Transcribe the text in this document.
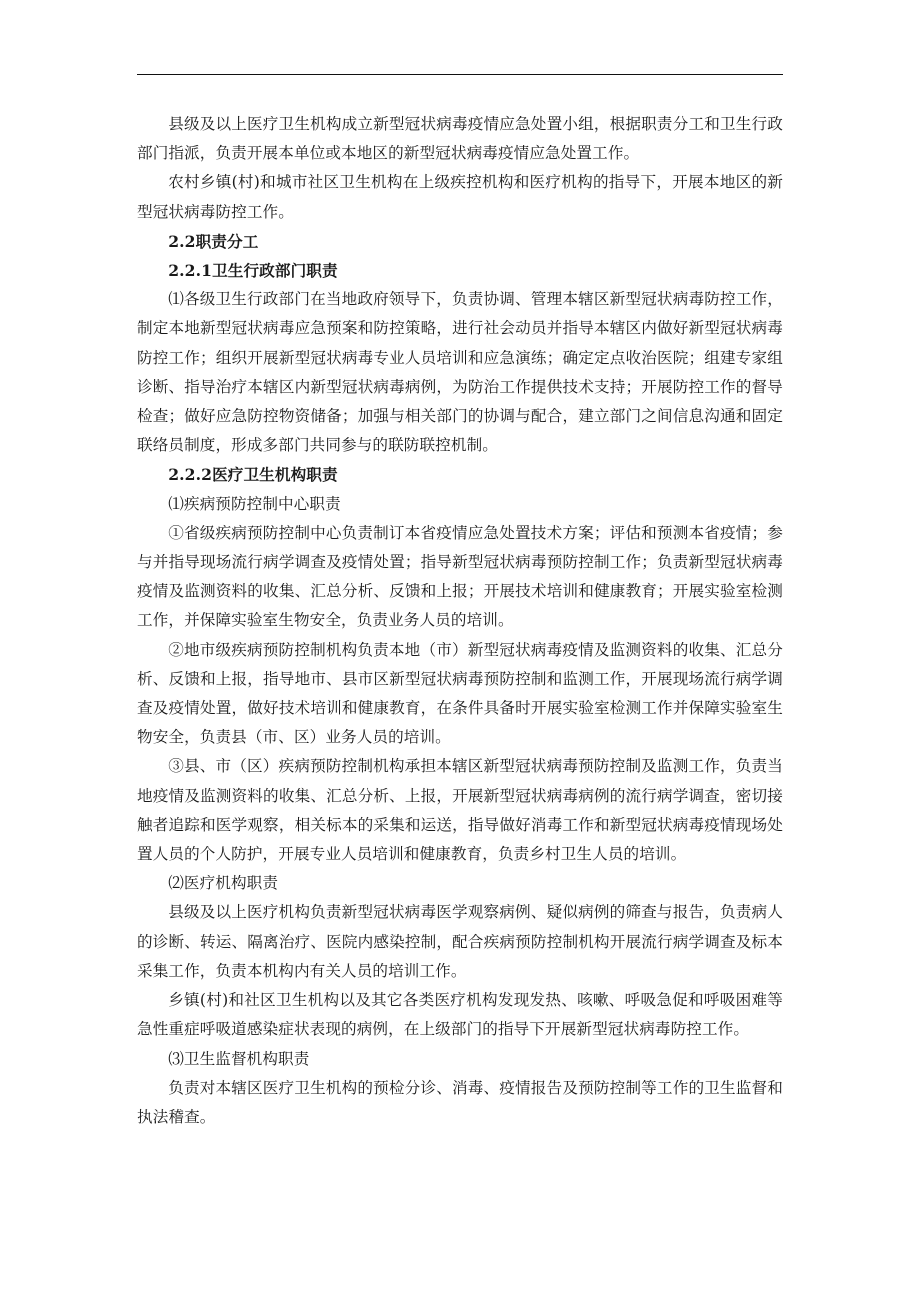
县级及以上医疗卫生机构成立新型冠状病毒疫情应急处置小组，根据职责分工和卫生行政部门指派，负责开展本单位或本地区的新型冠状病毒疫情应急处置工作。

农村乡镇(村)和城市社区卫生机构在上级疾控机构和医疗机构的指导下，开展本地区的新型冠状病毒防控工作。

2.2职责分工

2.2.1卫生行政部门职责

⑴各级卫生行政部门在当地政府领导下，负责协调、管理本辖区新型冠状病毒防控工作，制定本地新型冠状病毒应急预案和防控策略，进行社会动员并指导本辖区内做好新型冠状病毒防控工作；组织开展新型冠状病毒专业人员培训和应急演练；确定定点收治医院；组建专家组诊断、指导治疗本辖区内新型冠状病毒病例，为防治工作提供技术支持；开展防控工作的督导检查；做好应急防控物资储备；加强与相关部门的协调与配合，建立部门之间信息沟通和固定联络员制度，形成多部门共同参与的联防联控机制。

2.2.2医疗卫生机构职责

⑴疾病预防控制中心职责

①省级疾病预防控制中心负责制订本省疫情应急处置技术方案；评估和预测本省疫情；参与并指导现场流行病学调查及疫情处置；指导新型冠状病毒预防控制工作；负责新型冠状病毒疫情及监测资料的收集、汇总分析、反馈和上报；开展技术培训和健康教育；开展实验室检测工作，并保障实验室生物安全，负责业务人员的培训。

②地市级疾病预防控制机构负责本地（市）新型冠状病毒疫情及监测资料的收集、汇总分析、反馈和上报，指导地市、县市区新型冠状病毒预防控制和监测工作，开展现场流行病学调查及疫情处置，做好技术培训和健康教育，在条件具备时开展实验室检测工作并保障实验室生物安全，负责县（市、区）业务人员的培训。

③县、市（区）疾病预防控制机构承担本辖区新型冠状病毒预防控制及监测工作，负责当地疫情及监测资料的收集、汇总分析、上报，开展新型冠状病毒病例的流行病学调查，密切接触者追踪和医学观察，相关标本的采集和运送，指导做好消毒工作和新型冠状病毒疫情现场处置人员的个人防护，开展专业人员培训和健康教育，负责乡村卫生人员的培训。

⑵医疗机构职责

县级及以上医疗机构负责新型冠状病毒医学观察病例、疑似病例的筛查与报告，负责病人的诊断、转运、隔离治疗、医院内感染控制，配合疾病预防控制机构开展流行病学调查及标本采集工作，负责本机构内有关人员的培训工作。

乡镇(村)和社区卫生机构以及其它各类医疗机构发现发热、咳嗽、呼吸急促和呼吸困难等急性重症呼吸道感染症状表现的病例，在上级部门的指导下开展新型冠状病毒防控工作。

⑶卫生监督机构职责

负责对本辖区医疗卫生机构的预检分诊、消毒、疫情报告及预防控制等工作的卫生监督和执法稽查。
